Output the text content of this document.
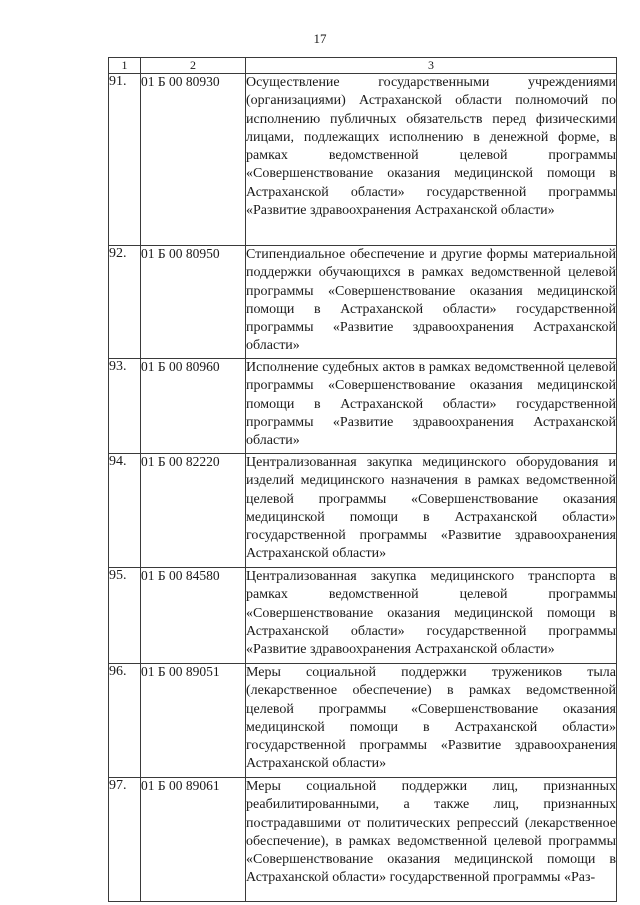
17
1	2	3
91.	01 Б 00 80930	Осуществление государственными учреждениями (организациями) Астраханской области полномочий по исполнению публичных обязательств перед физическими лицами, подлежащих исполнению в денежной форме, в рамках ведомственной целевой программы «Совершенствование оказания медицинской помощи в Астраханской области» государственной программы «Развитие здравоохранения Астраханской области»
92.	01 Б 00 80950	Стипендиальное обеспечение и другие формы материальной поддержки обучающихся в рамках ведомственной целевой программы «Совершенствование оказания медицинской помощи в Астраханской области» государственной программы «Развитие здравоохранения Астраханской области»
93.	01 Б 00 80960	Исполнение судебных актов в рамках ведомственной целевой программы «Совершенствование оказания медицинской помощи в Астраханской области» государственной программы «Развитие здравоохранения Астраханской области»
94.	01 Б 00 82220	Централизованная закупка медицинского оборудования и изделий медицинского назначения в рамках ведомственной целевой программы «Совершенствование оказания медицинской помощи в Астраханской области» государственной программы «Развитие здравоохранения Астраханской области»
95.	01 Б 00 84580	Централизованная закупка медицинского транспорта в рамках ведомственной целевой программы «Совершенствование оказания медицинской помощи в Астраханской области» государственной программы «Развитие здравоохранения Астраханской области»
96.	01 Б 00 89051	Меры социальной поддержки тружеников тыла (лекарственное обеспечение) в рамках ведомственной целевой программы «Совершенствование оказания медицинской помощи в Астраханской области» государственной программы «Развитие здравоохранения Астраханской области»
97.	01 Б 00 89061	Меры социальной поддержки лиц, признанных реабилитированными, а также лиц, признанных пострадавшими от политических репрессий (лекарственное обеспечение), в рамках ведомственной целевой программы «Совершенствование оказания медицинской помощи в Астраханской области» государственной программы «Раз-
